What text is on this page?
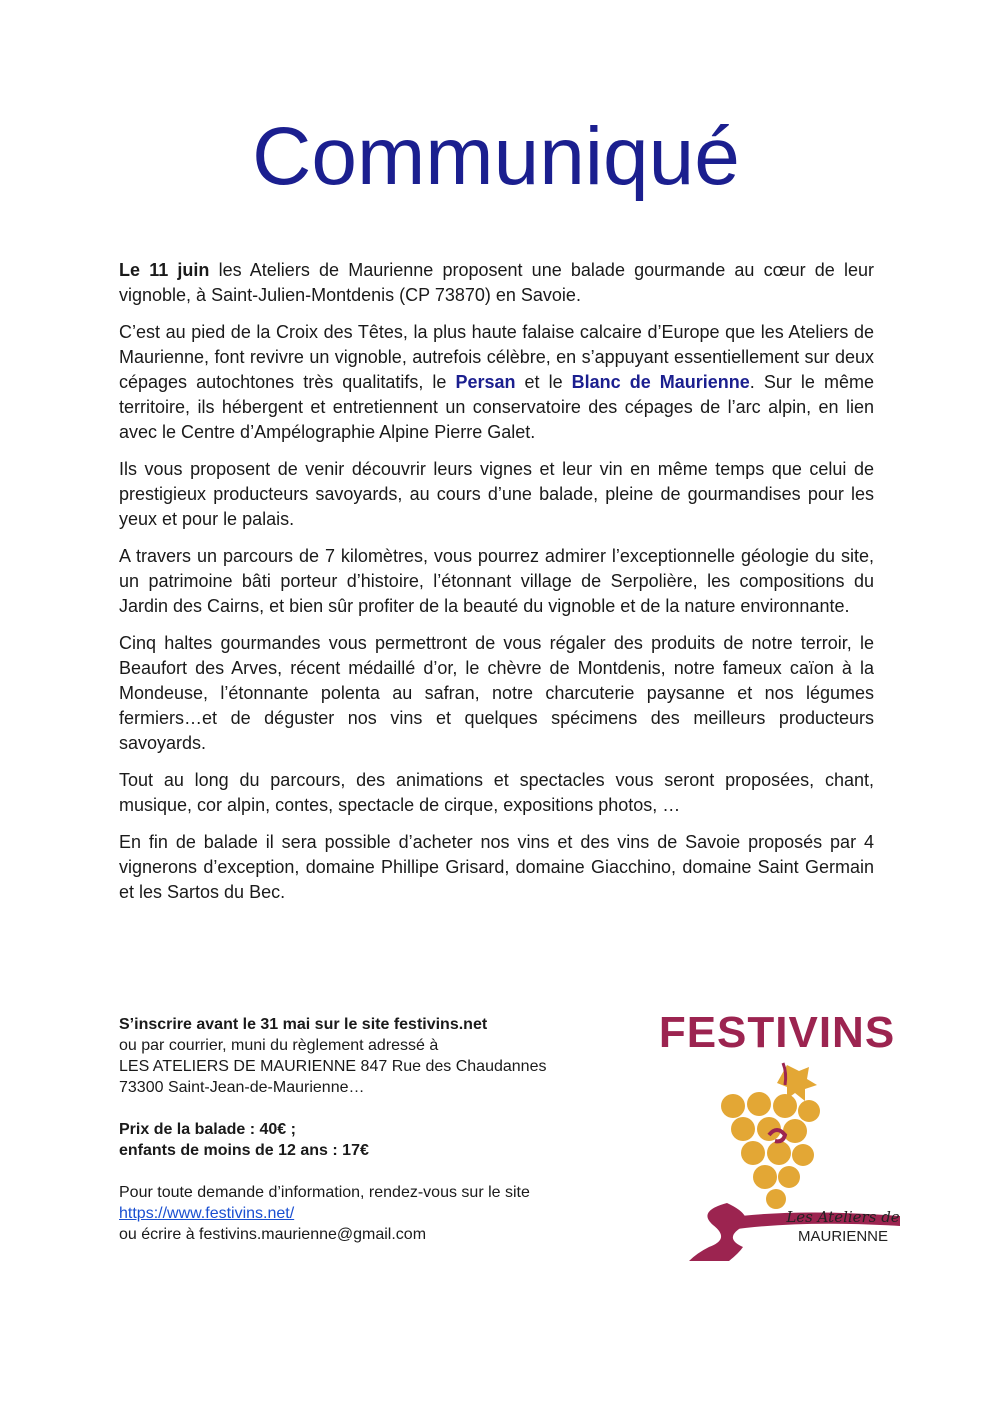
Communiqué

Le 11 juin les Ateliers de Maurienne proposent une balade gourmande au cœur de leur vignoble, à Saint-Julien-Montdenis (CP 73870) en Savoie.

C’est au pied de la Croix des Têtes, la plus haute falaise calcaire d’Europe que les Ateliers de Maurienne, font revivre un vignoble, autrefois célèbre, en s’appuyant essentiellement sur deux cépages autochtones très qualitatifs, le Persan et le Blanc de Maurienne. Sur le même territoire, ils hébergent et entretiennent un conservatoire des cépages de l’arc alpin, en lien avec le Centre d’Ampélographie Alpine Pierre Galet.

Ils vous proposent de venir découvrir leurs vignes et leur vin en même temps que celui de prestigieux producteurs savoyards, au cours d’une balade, pleine de gourmandises pour les yeux et pour le palais.

A travers un parcours de 7 kilomètres, vous pourrez admirer l’exceptionnelle géologie du site, un patrimoine bâti porteur d’histoire, l’étonnant village de Serpolière, les compositions du Jardin des Cairns, et bien sûr profiter de la beauté du vignoble et de la nature environnante.

Cinq haltes gourmandes vous permettront de vous régaler des produits de notre terroir, le Beaufort des Arves, récent médaillé d’or, le chèvre de Montdenis, notre fameux caïon à la Mondeuse, l’étonnante polenta au safran, notre charcuterie paysanne et nos légumes fermiers…et de déguster nos vins et quelques spécimens des meilleurs producteurs savoyards.

Tout au long du parcours, des animations et spectacles vous seront proposées, chant, musique, cor alpin, contes, spectacle de cirque, expositions photos, …

En fin de balade il sera possible d’acheter nos vins et des vins de Savoie proposés par 4 vignerons d’exception, domaine Phillipe Grisard, domaine Giacchino, domaine Saint Germain et les Sartos du Bec.

S’inscrire avant le 31 mai sur le site festivins.net
ou par courrier, muni du règlement adressé à
LES ATELIERS DE MAURIENNE 847 Rue des Chaudannes
73300 Saint-Jean-de-Maurienne…

Prix de la balade : 40€ ;
enfants de moins de 12 ans : 17€

Pour toute demande d’information, rendez-vous sur le site
https://www.festivins.net/
ou écrire à festivins.maurienne@gmail.com

FESTIVINS
Les Ateliers de
MAURIENNE
